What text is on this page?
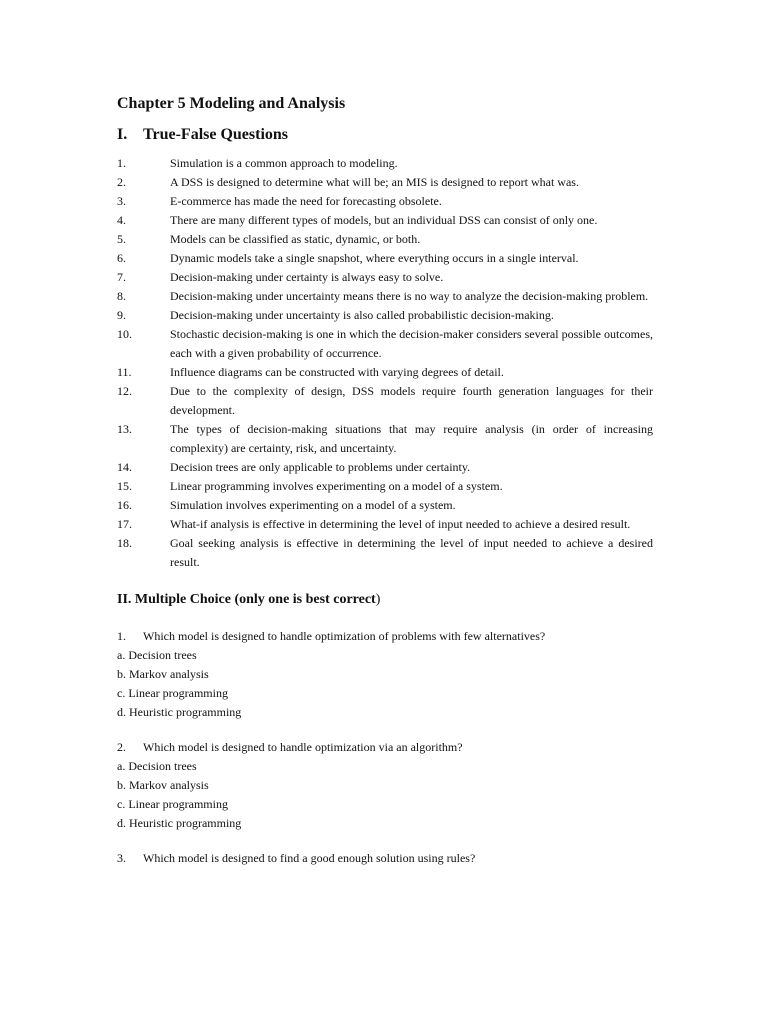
Chapter 5 Modeling and Analysis
I. True-False Questions
1.	Simulation is a common approach to modeling.
2.	A DSS is designed to determine what will be; an MIS is designed to report what was.
3.	E-commerce has made the need for forecasting obsolete.
4.	There are many different types of models, but an individual DSS can consist of only one.
5.	Models can be classified as static, dynamic, or both.
6.	Dynamic models take a single snapshot, where everything occurs in a single interval.
7.	Decision-making under certainty is always easy to solve.
8.	Decision-making under uncertainty means there is no way to analyze the decision-making problem.
9.	Decision-making under uncertainty is also called probabilistic decision-making.
10.	Stochastic decision-making is one in which the decision-maker considers several possible outcomes, each with a given probability of occurrence.
11.	Influence diagrams can be constructed with varying degrees of detail.
12.	Due to the complexity of design, DSS models require fourth generation languages for their development.
13.	The types of decision-making situations that may require analysis (in order of increasing complexity) are certainty, risk, and uncertainty.
14.	Decision trees are only applicable to problems under certainty.
15.	Linear programming involves experimenting on a model of a system.
16.	Simulation involves experimenting on a model of a system.
17.	What-if analysis is effective in determining the level of input needed to achieve a desired result.
18.	Goal seeking analysis is effective in determining the level of input needed to achieve a desired result.
II. Multiple Choice (only one is best correct)
1.	Which model is designed to handle optimization of problems with few alternatives?
a. Decision trees
b. Markov analysis
c. Linear programming
d. Heuristic programming
2.	Which model is designed to handle optimization via an algorithm?
a. Decision trees
b. Markov analysis
c. Linear programming
d. Heuristic programming
3.	Which model is designed to find a good enough solution using rules?
